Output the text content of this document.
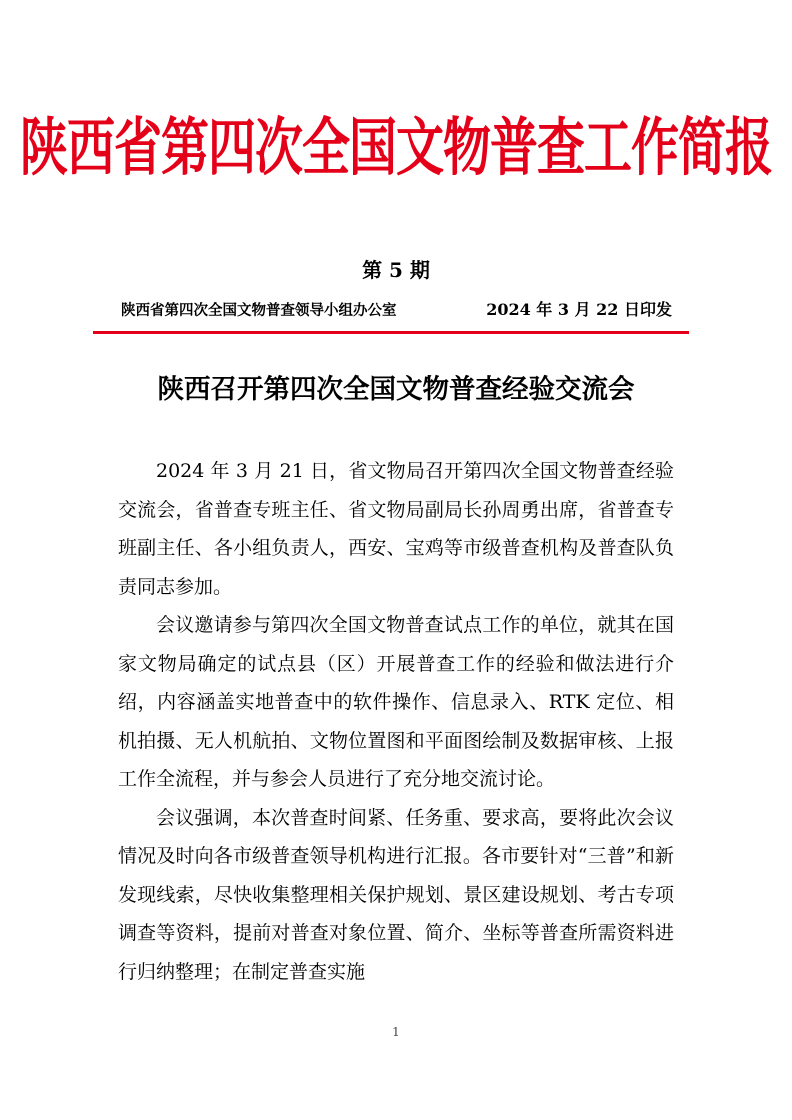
陕西省第四次全国文物普查工作简报
第 5 期
陕西省第四次全国文物普查领导小组办公室	2024 年 3 月 22 日印发
陕西召开第四次全国文物普查经验交流会

2024 年 3 月 21 日，省文物局召开第四次全国文物普查经验交流会，省普查专班主任、省文物局副局长孙周勇出席，省普查专班副主任、各小组负责人，西安、宝鸡等市级普查机构及普查队负责同志参加。

会议邀请参与第四次全国文物普查试点工作的单位，就其在国家文物局确定的试点县（区）开展普查工作的经验和做法进行介绍，内容涵盖实地普查中的软件操作、信息录入、RTK 定位、相机拍摄、无人机航拍、文物位置图和平面图绘制及数据审核、上报工作全流程，并与参会人员进行了充分地交流讨论。

会议强调，本次普查时间紧、任务重、要求高，要将此次会议情况及时向各市级普查领导机构进行汇报。各市要针对“三普”和新发现线索，尽快收集整理相关保护规划、景区建设规划、考古专项调查等资料，提前对普查对象位置、简介、坐标等普查所需资料进行归纳整理；在制定普查实施

1
